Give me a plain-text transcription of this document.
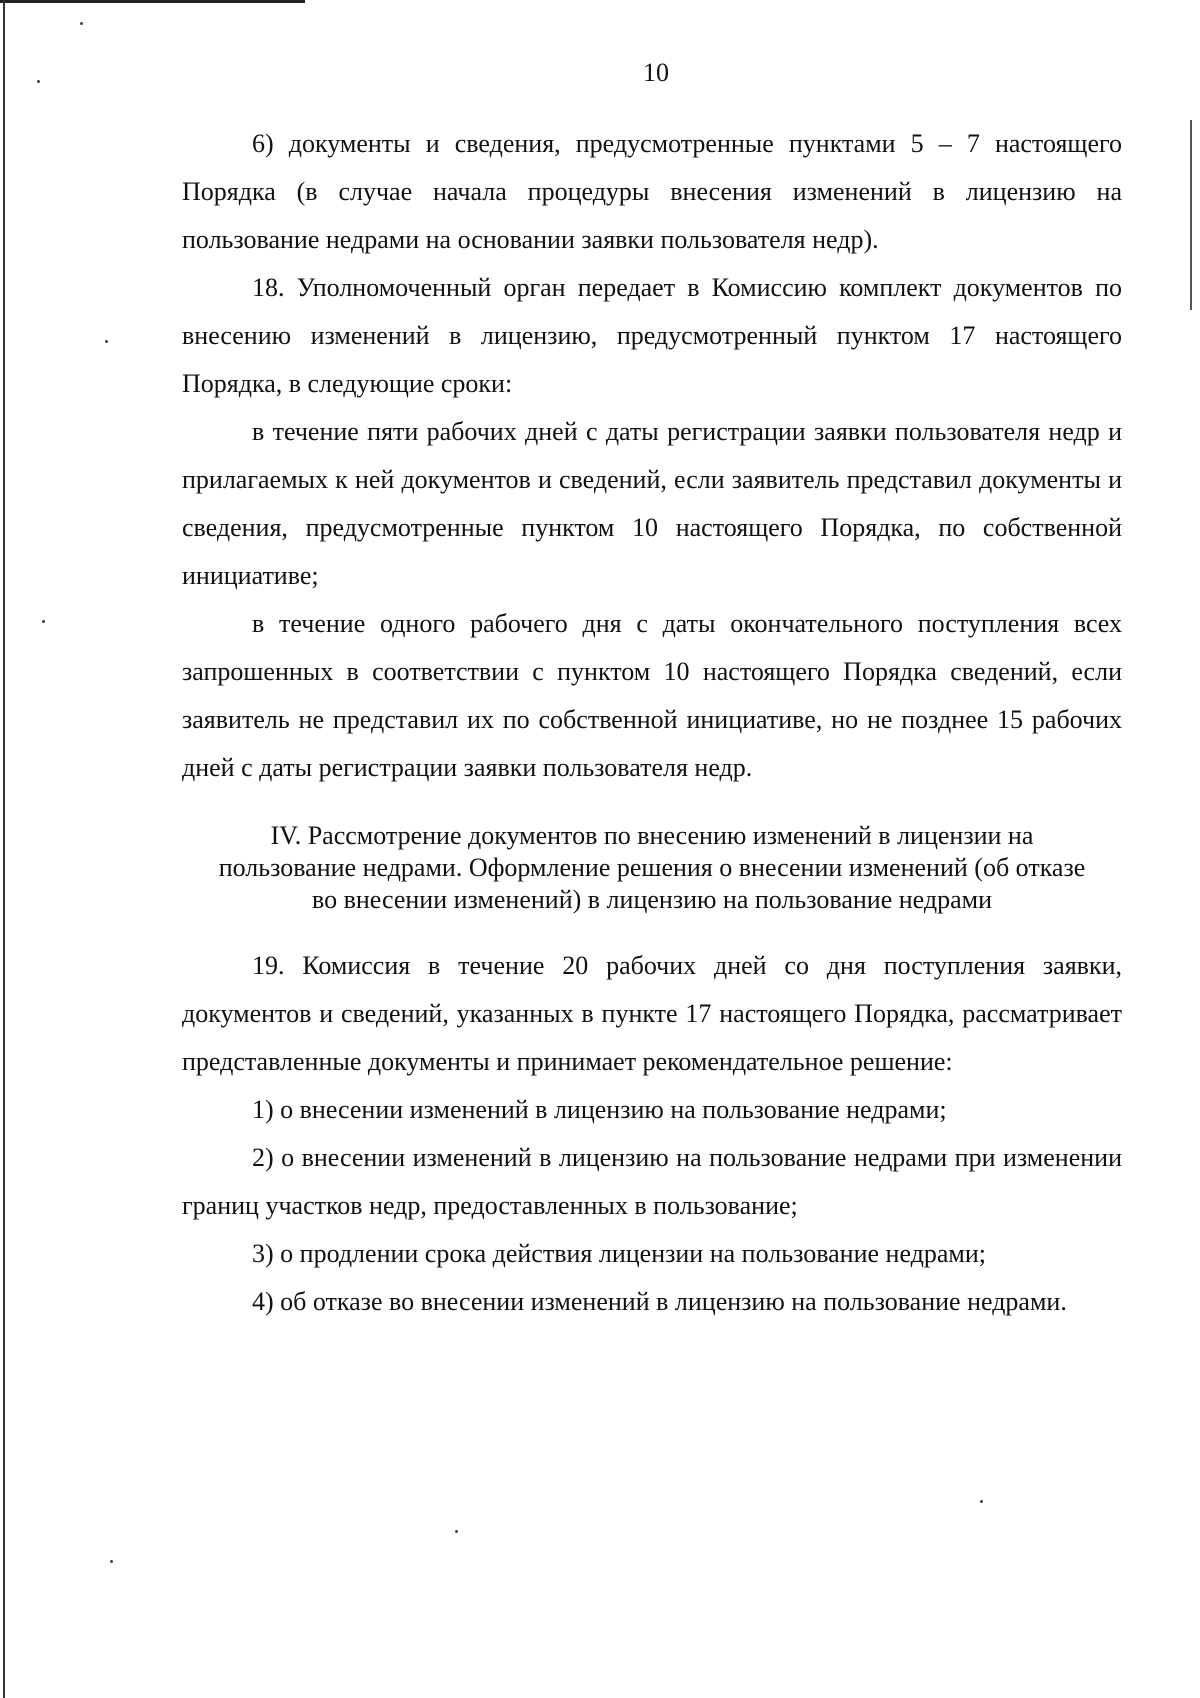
10

6) документы и сведения, предусмотренные пунктами 5 – 7 настоящего Порядка (в случае начала процедуры внесения изменений в лицензию на пользование недрами на основании заявки пользователя недр).

18. Уполномоченный орган передает в Комиссию комплект документов по внесению изменений в лицензию, предусмотренный пунктом 17 настоящего Порядка, в следующие сроки:

в течение пяти рабочих дней с даты регистрации заявки пользователя недр и прилагаемых к ней документов и сведений, если заявитель представил документы и сведения, предусмотренные пунктом 10 настоящего Порядка, по собственной инициативе;

в течение одного рабочего дня с даты окончательного поступления всех запрошенных в соответствии с пунктом 10 настоящего Порядка сведений, если заявитель не представил их по собственной инициативе, но не позднее 15 рабочих дней с даты регистрации заявки пользователя недр.

IV. Рассмотрение документов по внесению изменений в лицензии на
пользование недрами. Оформление решения о внесении изменений (об отказе
во внесении изменений) в лицензию на пользование недрами

19. Комиссия в течение 20 рабочих дней со дня поступления заявки, документов и сведений, указанных в пункте 17 настоящего Порядка, рассматривает представленные документы и принимает рекомендательное решение:

1) о внесении изменений в лицензию на пользование недрами;

2) о внесении изменений в лицензию на пользование недрами при изменении границ участков недр, предоставленных в пользование;

3) о продлении срока действия лицензии на пользование недрами;

4) об отказе во внесении изменений в лицензию на пользование недрами.
